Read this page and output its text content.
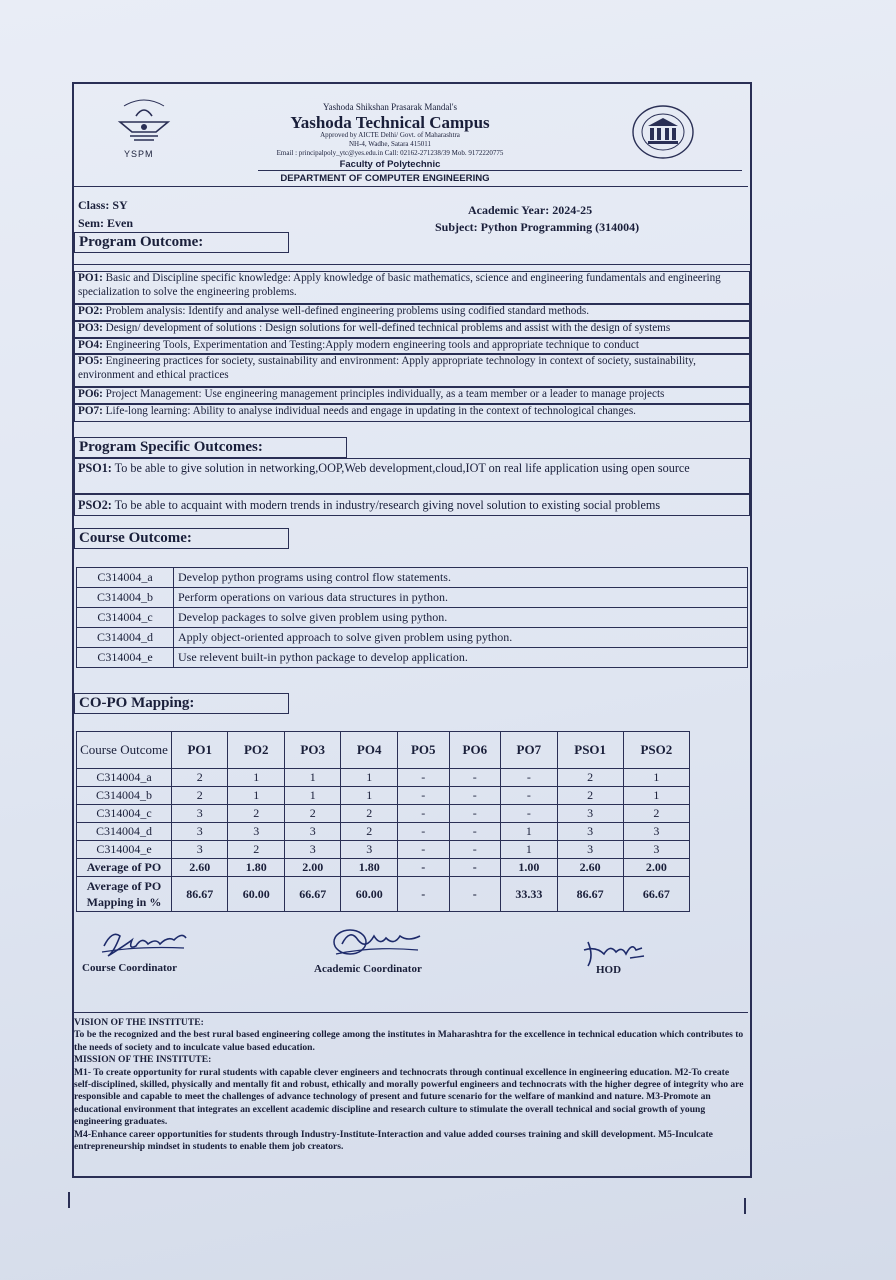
YSPM
Yashoda Shikshan Prasarak Mandal's
Yashoda Technical Campus
Approved by AICTE Delhi/ Govt. of Maharashtra
NH-4, Wadhe, Satara 415011
Email : principalpoly_ytc@yes.edu.in Call: 02162-271238/39 Mob. 9172220775
Faculty of Polytechnic
DEPARTMENT OF COMPUTER ENGINEERING
Class: SY
Sem: Even
Academic Year: 2024-25
Subject: Python Programming (314004)
Program Outcome:
PO1: Basic and Discipline specific knowledge: Apply knowledge of basic mathematics, science and engineering fundamentals and engineering specialization to solve the engineering problems.
PO2: Problem analysis: Identify and analyse well-defined engineering problems using codified standard methods.
PO3: Design/ development of solutions : Design solutions for well-defined technical problems and assist with the design of systems
PO4: Engineering Tools, Experimentation and Testing:Apply modern engineering tools and appropriate technique to conduct
PO5: Engineering practices for society, sustainability and environment: Apply appropriate technology in context of society, sustainability, environment and ethical practices
PO6: Project Management: Use engineering management principles individually, as a team member or a leader to manage projects
PO7: Life-long learning: Ability to analyse individual needs and engage in updating in the context of technological changes.
Program Specific Outcomes:
PSO1: To be able to give solution in networking,OOP,Web development,cloud,IOT on real life application using open source
PSO2: To be able to acquaint with modern trends in industry/research giving novel solution to existing social problems
Course Outcome:
C314004_a	Develop python programs using control flow statements.
C314004_b	Perform operations on various data structures in python.
C314004_c	Develop packages to solve given problem using python.
C314004_d	Apply object-oriented approach to solve given problem using python.
C314004_e	Use relevent built-in python package to develop application.
CO-PO Mapping:
Course Outcome	PO1	PO2	PO3	PO4	PO5	PO6	PO7	PSO1	PSO2
C314004_a	2	1	1	1	-	-	-	2	1
C314004_b	2	1	1	1	-	-	-	2	1
C314004_c	3	2	2	2	-	-	-	3	2
C314004_d	3	3	3	2	-	-	1	3	3
C314004_e	3	2	3	3	-	-	1	3	3
Average of PO	2.60	1.80	2.00	1.80	-	-	1.00	2.60	2.00
Average of PO Mapping in %	86.67	60.00	66.67	60.00	-	-	33.33	86.67	66.67
Course Coordinator	Academic Coordinator	HOD

VISION OF THE INSTITUTE:

To be the recognized and the best rural based engineering college among the institutes in Maharashtra for the excellence in technical education which contributes to the needs of society and to inculcate value based education.

MISSION OF THE INSTITUTE:

M1- To create opportunity for rural students with capable clever engineers and technocrats through continual excellence in engineering education. M2-To create self-disciplined, skilled, physically and mentally fit and robust, ethically and morally powerful engineers and technocrats with the higher degree of integrity who are responsible and capable to meet the challenges of advance technology of present and future scenario for the welfare of mankind and nature. M3-Promote an educational environment that integrates an excellent academic discipline and research culture to stimulate the overall technical and social growth of young engineering graduates.

M4-Enhance career opportunities for students through Industry-Institute-Interaction and value added courses training and skill development. M5-Inculcate entrepreneurship mindset in students to enable them job creators.
